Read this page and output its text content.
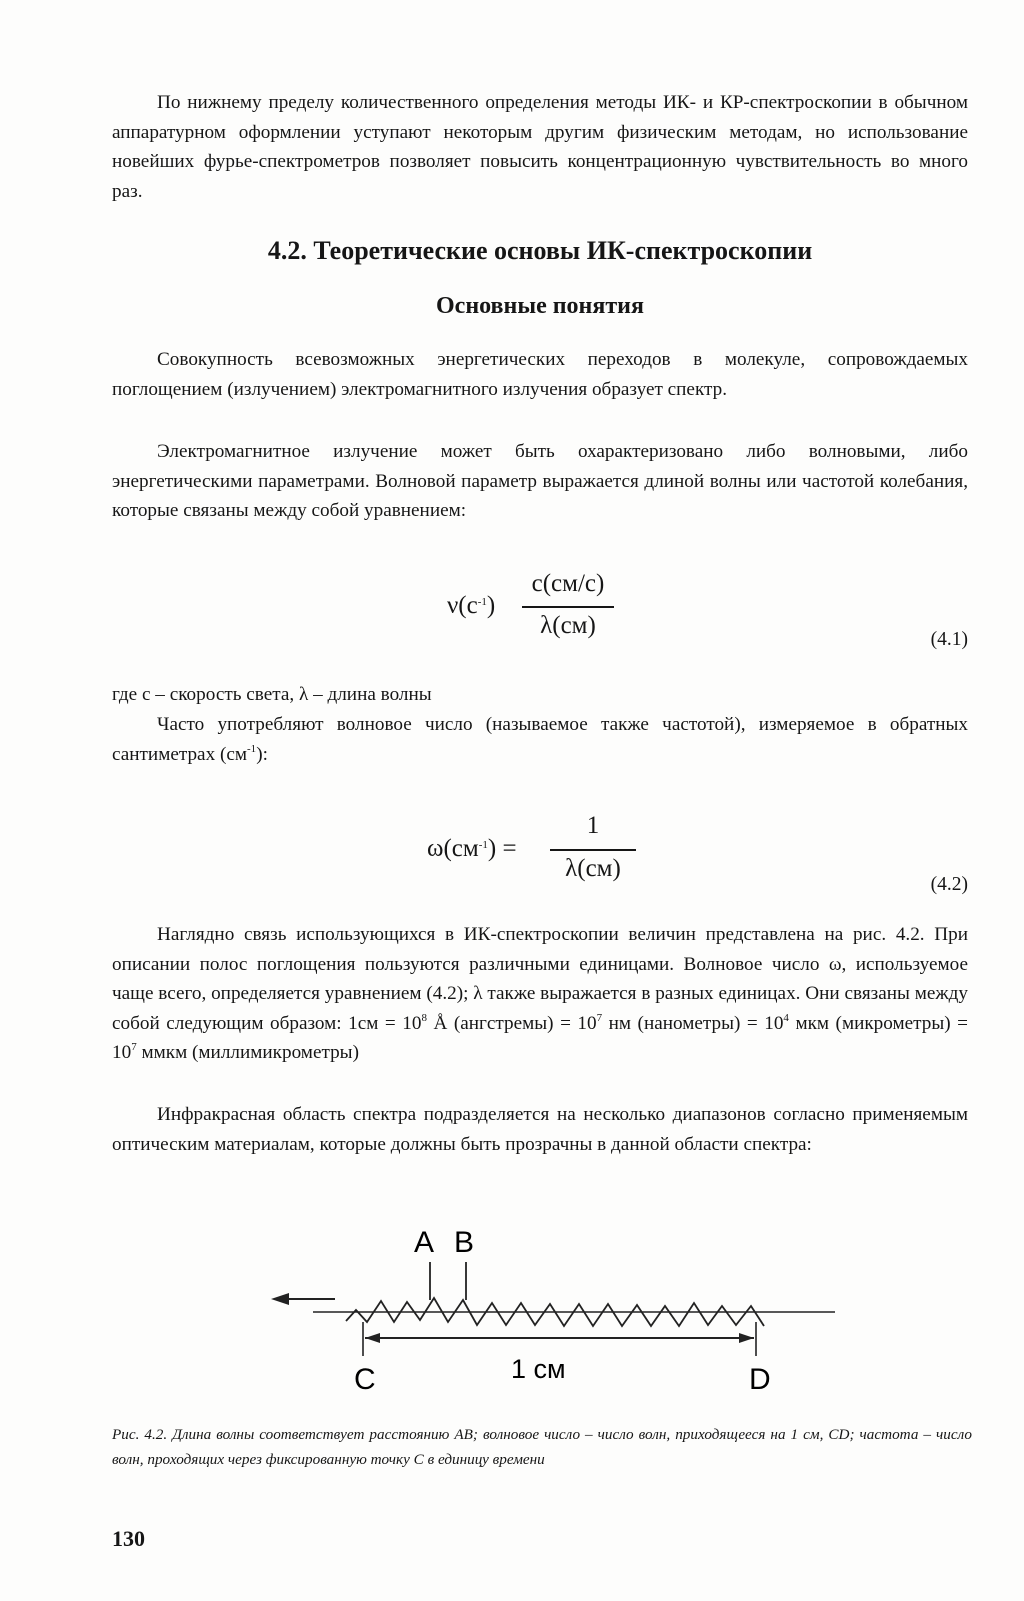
По нижнему пределу количественного определения методы ИК- и КР-спектроскопии в обычном аппаратурном оформлении уступают некоторым другим физическим методам, но использование новейших фурье-спектрометров позволяет повысить концентрационную чувствительность во много раз.

4.2. Теоретические основы ИК-спектроскопии
Основные понятия

Совокупность всевозможных энергетических переходов в молекуле, сопровождаемых поглощением (излучением) электромагнитного излучения образует спектр.

Электромагнитное излучение может быть охарактеризовано либо волновыми, либо энергетическими параметрами. Волновой параметр выражается длиной волны или частотой колебания, которые связаны между собой уравнением:

$\nu(с^{-1})$
c(см/c)
λ(см)
(4.1)

где c – скорость света, λ – длина волны

Часто употребляют волновое число (называемое также частотой), измеряемое в обратных сантиметрах $(см^{-1})$:

$\omega(см^{-1})$ =
1
λ(см)
(4.2)

Наглядно связь использующихся в ИК-спектроскопии величин представлена на рис. 4.2. При описании полос поглощения пользуются различными единицами. Волновое число ω, используемое чаще всего, определяется уравнением (4.2); λ также выражается в разных единицах. Они связаны между собой следующим образом: $1см = 10^8$ Å (ангстремы) = $10^7$ нм (нанометры) = $10^4$ мкм (микрометры) = $10^7$ ммкм (миллимикрометры)

Инфракрасная область спектра подразделяется на несколько диапазонов согласно применяемым оптическим материалам, которые должны быть прозрачны в данной области спектра:

A B
C	D
1 см

Рис. 4.2. Длина волны соответствует расстоянию AB; волновое число – число волн, приходящееся на 1 см, CD; частота – число волн, проходящих через фиксированную точку C в единицу времени

130
